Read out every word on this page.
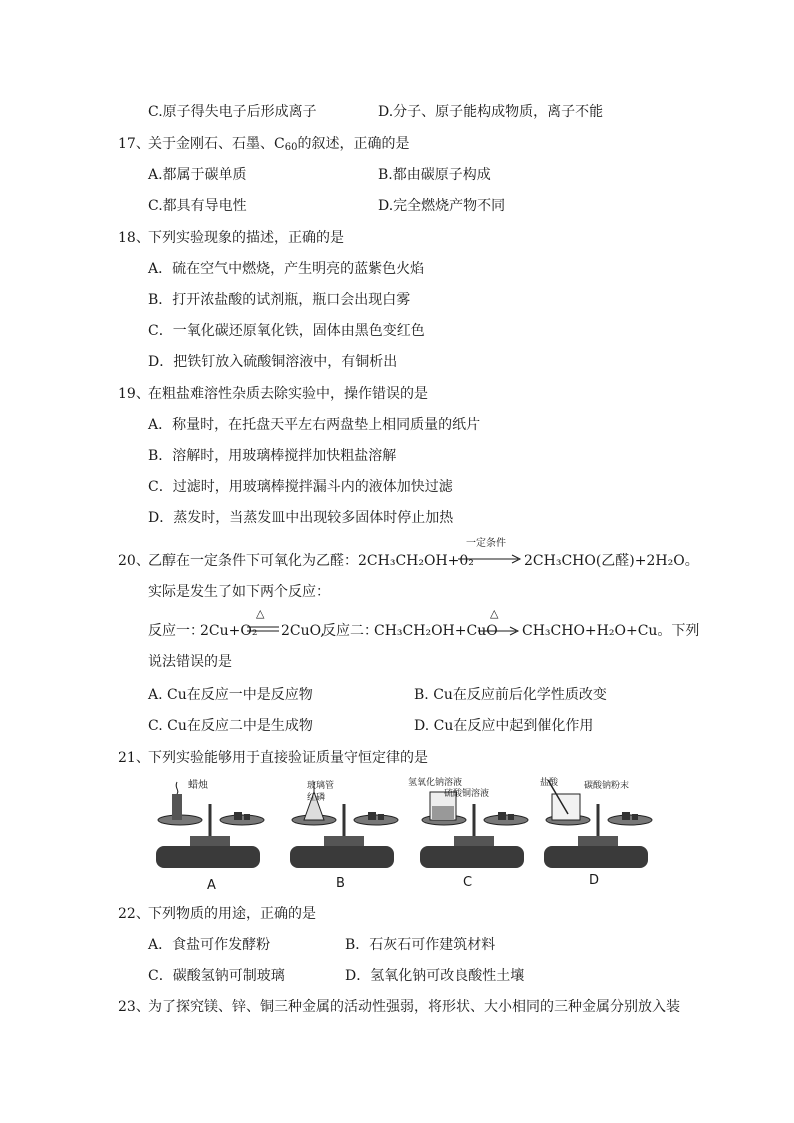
C.原子得失电子后形成离子	D.分子、原子能构成物质，离子不能
17、
关于金刚石、石墨、$C_{60}$的叙述，正确的是
A.都属于碳单质	B.都由碳原子构成
C.都具有导电性	D.完全燃烧产物不同
18、
下列实验现象的描述，正确的是
A．硫在空气中燃烧，产生明亮的蓝紫色火焰
B．打开浓盐酸的试剂瓶，瓶口会出现白雾
C．一氧化碳还原氧化铁，固体由黑色变红色
D．把铁钉放入硫酸铜溶液中，有铜析出
19、
在粗盐难溶性杂质去除实验中，操作错误的是
A．称量时，在托盘天平左右两盘垫上相同质量的纸片
B．溶解时，用玻璃棒搅拌加快粗盐溶解
C．过滤时，用玻璃棒搅拌漏斗内的液体加快过滤
D．蒸发时，当蒸发皿中出现较多固体时停止加热
20、
乙醇在一定条件下可氧化为乙醛： 2CH₃CH₂OH+0₂
一定条件
2CH₃CHO(乙醛)+2H₂O。
实际是发生了如下两个反应：
反应一：
2Cu+O₂
△
2CuO,
反应二：
CH₃CH₂OH+CuO
△
CH₃CHO+H₂O+Cu。下列
说法错误的是
A. Cu在反应一中是反应物	B. Cu在反应前后化学性质改变
C. Cu在反应二中是生成物	D. Cu在反应中起到催化作用
21、
下列实验能够用于直接验证质量守恒定律的是
蜡烛
A
玻璃管
红磷
B
氢氧化钠溶液
硫酸铜溶液
C
盐酸	碳酸钠粉末
D
22、
下列物质的用途，正确的是
A．食盐可作发酵粉	B．石灰石可作建筑材料
C．碳酸氢钠可制玻璃	D．氢氧化钠可改良酸性土壤
23、
为了探究镁、锌、铜三种金属的活动性强弱，将形状、大小相同的三种金属分别放入装
